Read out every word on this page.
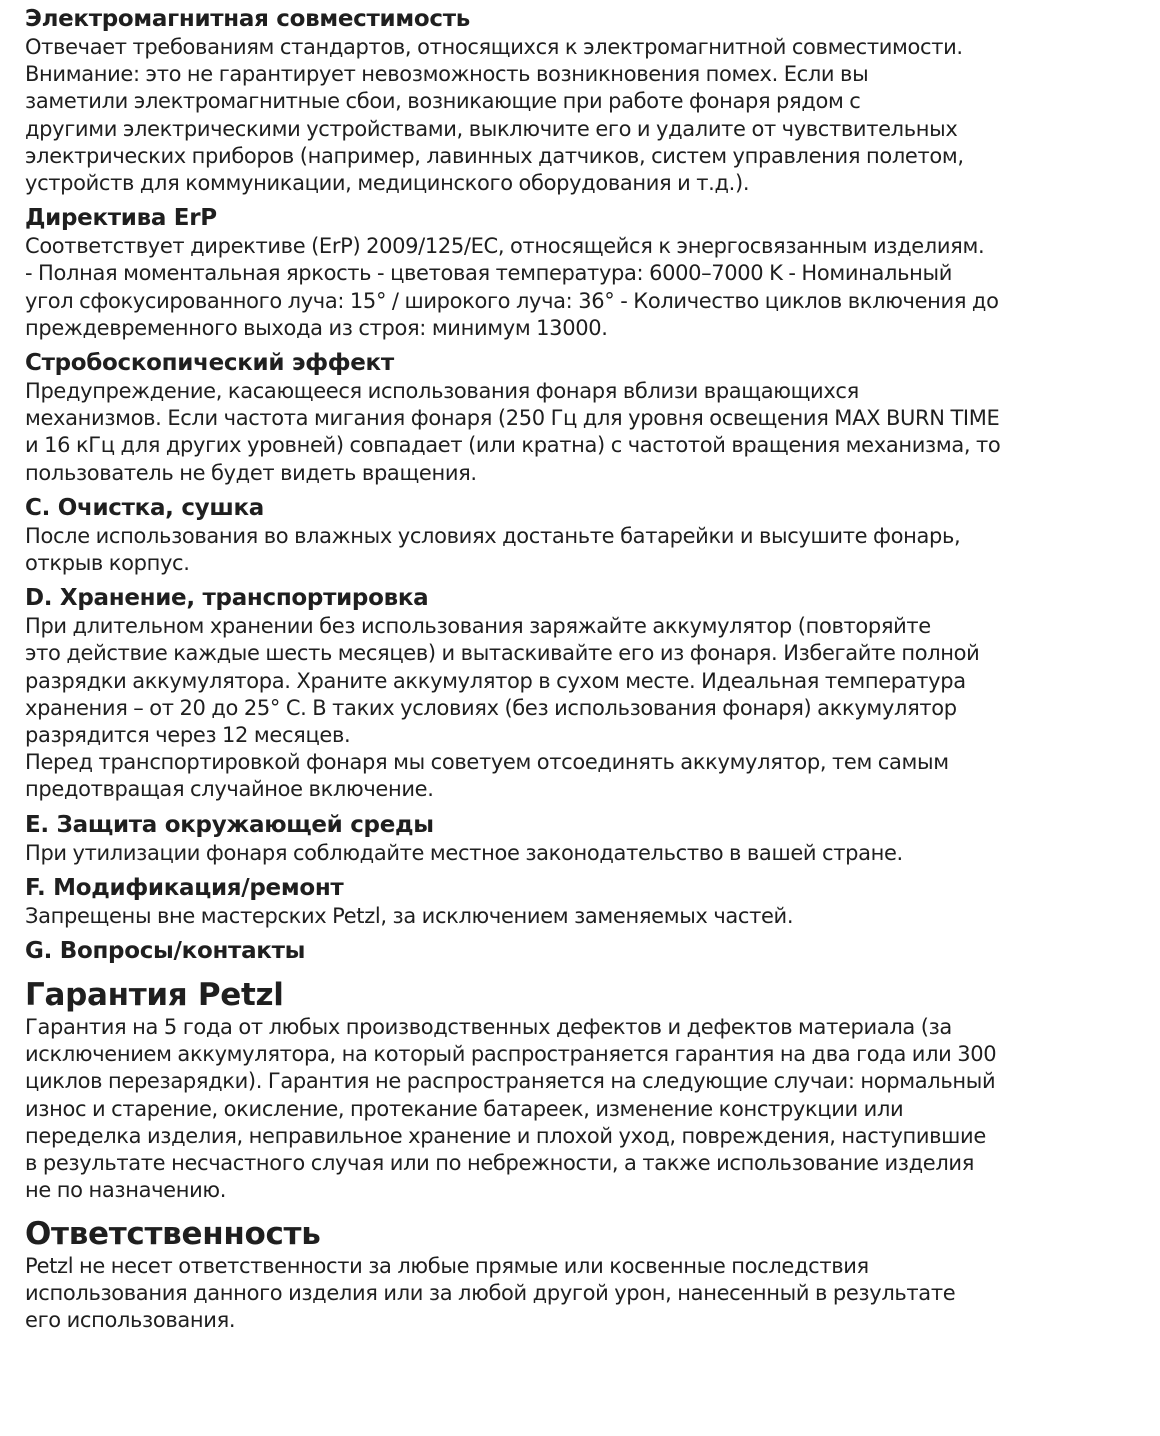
Электромагнитная совместимость

Отвечает требованиям стандартов, относящихся к электромагнитной совместимости.
Внимание: это не гарантирует невозможность возникновения помех. Если вы
заметили электромагнитные сбои, возникающие при работе фонаря рядом с
другими электрическими устройствами, выключите его и удалите от чувствительных
электрических приборов (например, лавинных датчиков, систем управления полетом,
устройств для коммуникации, медицинского оборудования и т.д.).

Директива ErP

Соответствует директиве (ErP) 2009/125/EC, относящейся к энергосвязанным изделиям.
- Полная моментальная яркость - цветовая температура: 6000–7000 K - Номинальный
угол сфокусированного луча: 15° / широкого луча: 36° - Количество циклов включения до
преждевременного выхода из строя: минимум 13000.

Стробоскопический эффект

Предупреждение, касающееся использования фонаря вблизи вращающихся
механизмов. Если частота мигания фонаря (250 Гц для уровня освещения MAX BURN TIME
и 16 кГц для других уровней) совпадает (или кратна) с частотой вращения механизма, то
пользователь не будет видеть вращения.

C. Очистка, сушка

После использования во влажных условиях достаньте батарейки и высушите фонарь,
открыв корпус.

D. Хранение, транспортировка

При длительном хранении без использования заряжайте аккумулятор (повторяйте
это действие каждые шесть месяцев) и вытаскивайте его из фонаря. Избегайте полной
разрядки аккумулятора. Храните аккумулятор в сухом месте. Идеальная температура
хранения – от 20 до 25° С. В таких условиях (без использования фонаря) аккумулятор
разрядится через 12 месяцев.
Перед транспортировкой фонаря мы советуем отсоединять аккумулятор, тем самым
предотвращая случайное включение.

E. Защита окружающей среды

При утилизации фонаря соблюдайте местное законодательство в вашей стране.

F. Модификация/ремонт

Запрещены вне мастерских Petzl, за исключением заменяемых частей.

G. Вопросы/контакты
Гарантия Petzl

Гарантия на 5 года от любых производственных дефектов и дефектов материала (за
исключением аккумулятора, на который распространяется гарантия на два года или 300
циклов перезарядки). Гарантия не распространяется на следующие случаи: нормальный
износ и старение, окисление, протекание батареек, изменение конструкции или
переделка изделия, неправильное хранение и плохой уход, повреждения, наступившие
в результате несчастного случая или по небрежности, а также использование изделия
не по назначению.

Ответственность

Petzl не несет ответственности за любые прямые или косвенные последствия
использования данного изделия или за любой другой урон, нанесенный в результате
его использования.
